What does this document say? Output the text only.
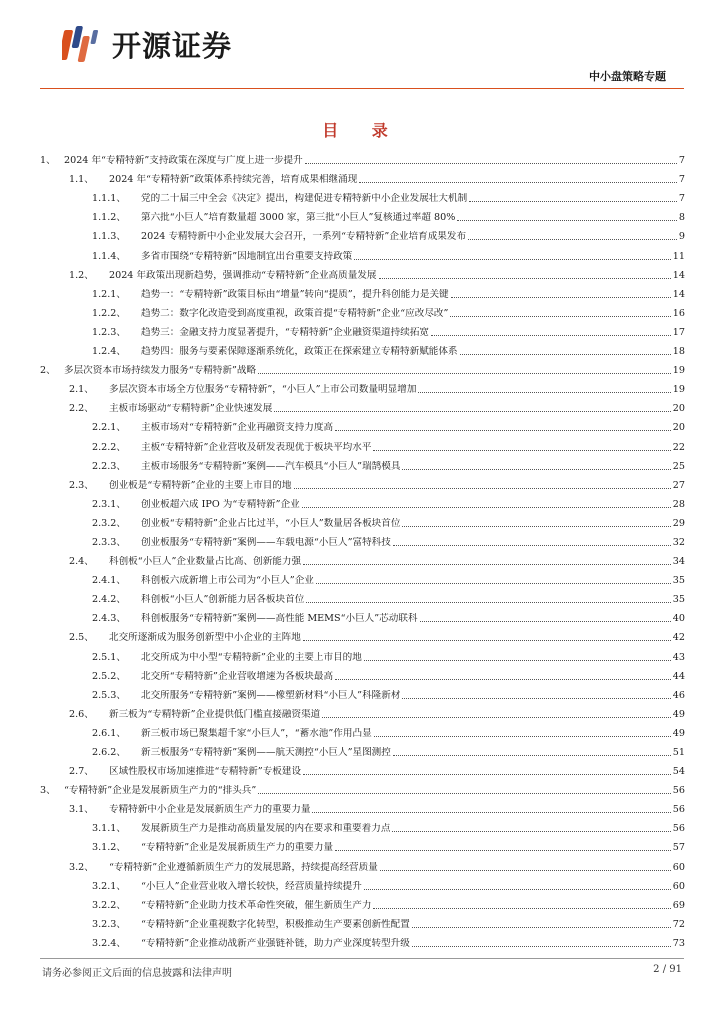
开源证券
中小盘策略专题
目 录
1、 2024 年“专精特新”支持政策在深度与广度上进一步提升	7
1.1、	2024 年“专精特新”政策体系持续完善，培育成果相继涌现	7
1.1.1、	党的二十届三中全会《决定》提出，构建促进专精特新中小企业发展壮大机制	7
1.1.2、	第六批“小巨人”培育数量超 3000 家，第三批“小巨人”复核通过率超 80%	8
1.1.3、	2024 专精特新中小企业发展大会召开，一系列“专精特新”企业培育成果发布	9
1.1.4、	多省市围绕“专精特新”因地制宜出台重要支持政策	11
1.2、	2024 年政策出现新趋势，强调推动“专精特新”企业高质量发展	14
1.2.1、	趋势一：“专精特新”政策目标由“增量”转向“提质”，提升科创能力是关键	14
1.2.2、	趋势二：数字化改造受到高度重视，政策首提“专精特新”企业“应改尽改”	16
1.2.3、	趋势三：金融支持力度显著提升，“专精特新”企业融资渠道持续拓宽	17
1.2.4、	趋势四：服务与要素保障逐渐系统化，政策正在探索建立专精特新赋能体系	18
2、 多层次资本市场持续发力服务“专精特新”战略	19
2.1、	多层次资本市场全方位服务“专精特新”，“小巨人”上市公司数量明显增加	19
2.2、	主板市场驱动“专精特新”企业快速发展	20
2.2.1、	主板市场对“专精特新”企业再融资支持力度高	20
2.2.2、	主板“专精特新”企业营收及研发表现优于板块平均水平	22
2.2.3、	主板市场服务“专精特新”案例——汽车模具“小巨人”瑞鹄模具	25
2.3、	创业板是“专精特新”企业的主要上市目的地	27
2.3.1、	创业板超六成 IPO 为“专精特新”企业	28
2.3.2、	创业板“专精特新”企业占比过半，“小巨人”数量居各板块首位	29
2.3.3、	创业板服务“专精特新”案例——车载电源“小巨人”富特科技	32
2.4、	科创板“小巨人”企业数量占比高、创新能力强	34
2.4.1、	科创板六成新增上市公司为“小巨人”企业	35
2.4.2、	科创板“小巨人”创新能力居各板块首位	35
2.4.3、	科创板服务“专精特新”案例——高性能 MEMS“小巨人”芯动联科	40
2.5、	北交所逐渐成为服务创新型中小企业的主阵地	42
2.5.1、	北交所成为中小型“专精特新”企业的主要上市目的地	43
2.5.2、	北交所“专精特新”企业营收增速为各板块最高	44
2.5.3、	北交所服务“专精特新”案例——橡塑新材料“小巨人”科隆新材	46
2.6、	新三板为“专精特新”企业提供低门槛直接融资渠道	49
2.6.1、	新三板市场已聚集超千家“小巨人”，“蓄水池”作用凸显	49
2.6.2、	新三板服务“专精特新”案例——航天测控“小巨人”星图测控	51
2.7、	区域性股权市场加速推进“专精特新”专板建设	54
3、 “专精特新”企业是发展新质生产力的“排头兵”	56
3.1、	专精特新中小企业是发展新质生产力的重要力量	56
3.1.1、	发展新质生产力是推动高质量发展的内在要求和重要着力点	56
3.1.2、	“专精特新”企业是发展新质生产力的重要力量	57
3.2、	“专精特新”企业遵循新质生产力的发展思路，持续提高经营质量	60
3.2.1、	“小巨人”企业营业收入增长较快，经营质量持续提升	60
3.2.2、	“专精特新”企业助力技术革命性突破，催生新质生产力	69
3.2.3、	“专精特新”企业重视数字化转型，积极推动生产要素创新性配置	72
3.2.4、	“专精特新”企业推动战新产业强链补链，助力产业深度转型升级	73
请务必参阅正文后面的信息披露和法律声明	2 / 91
